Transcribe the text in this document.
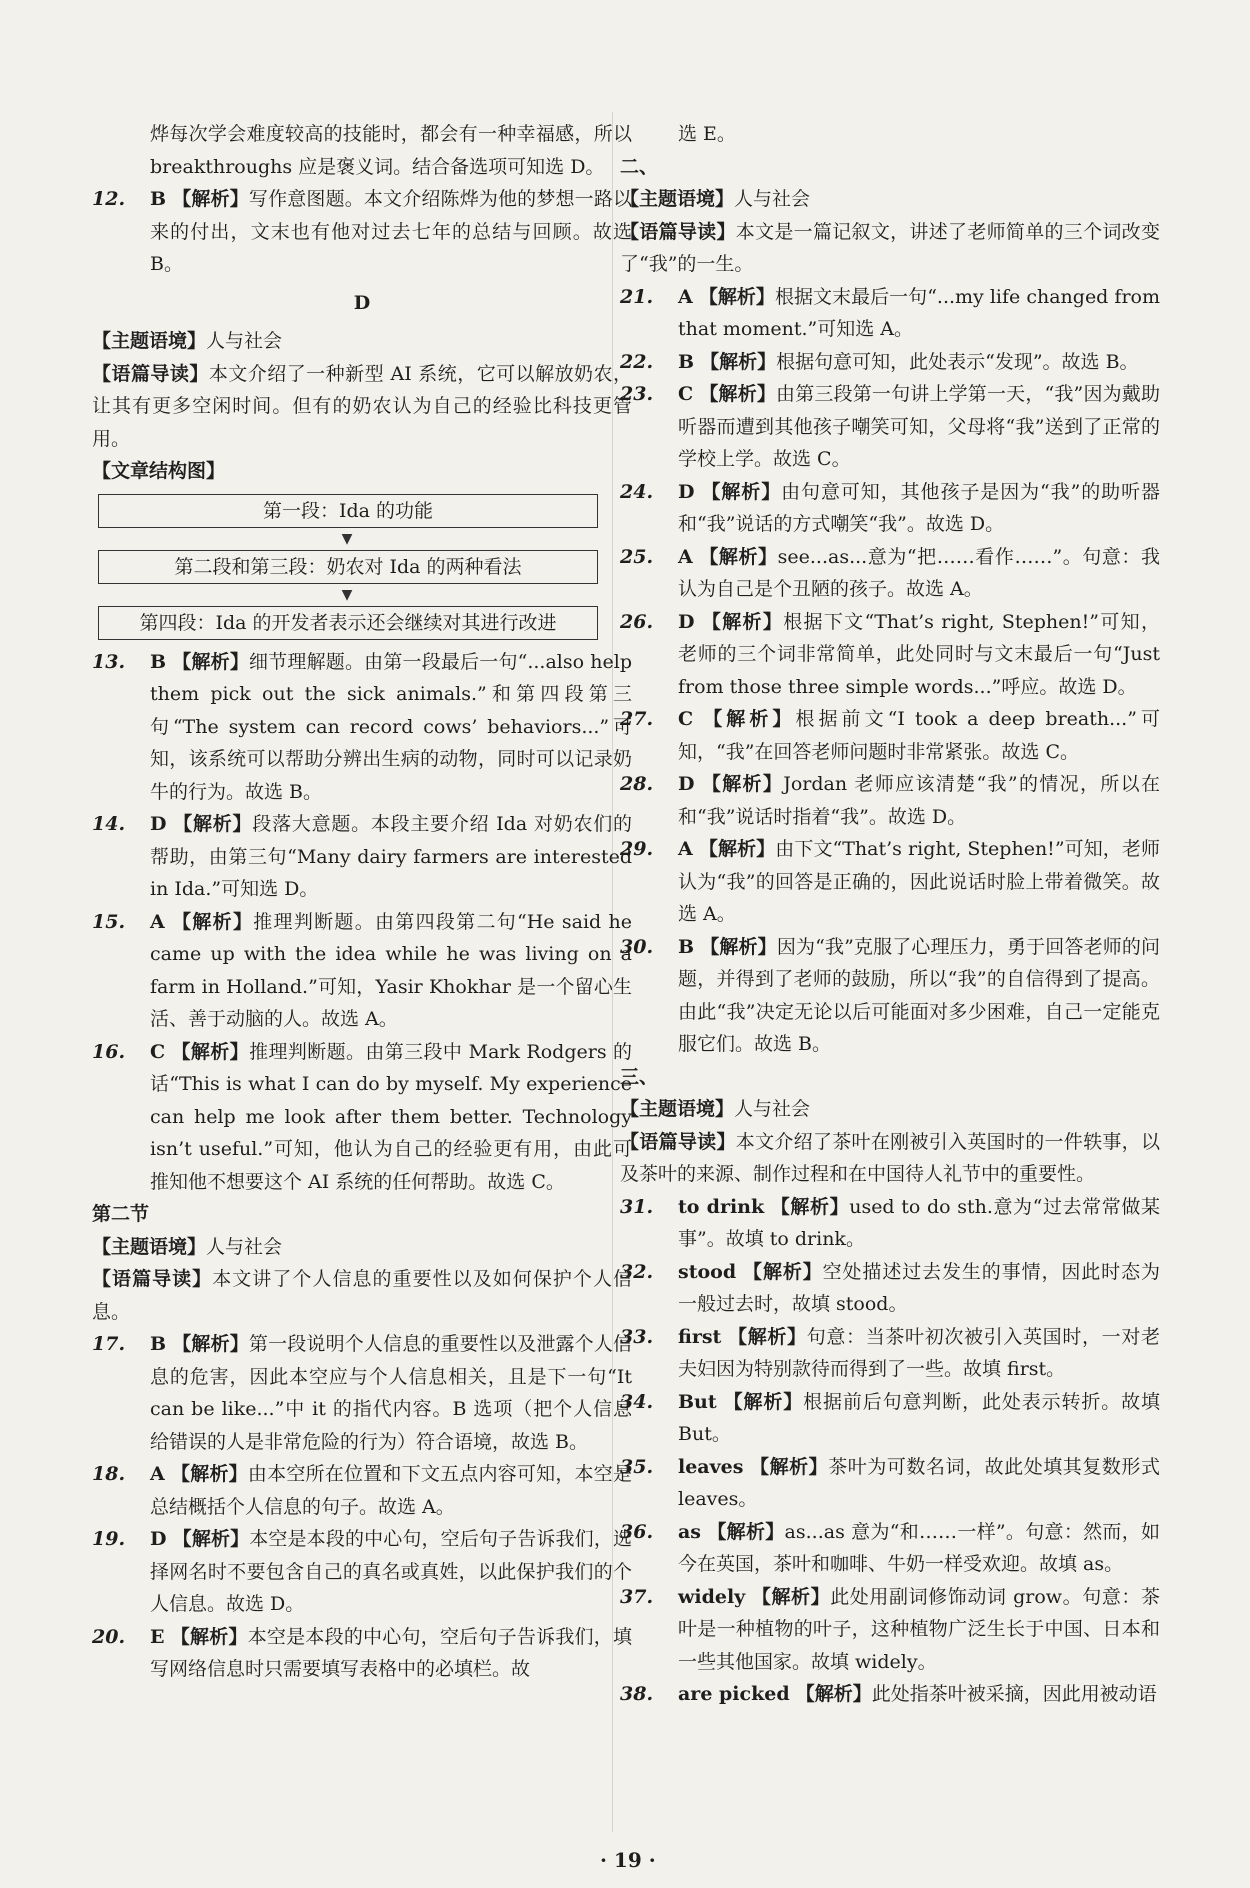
烨每次学会难度较高的技能时，都会有一种幸福感，所以 breakthroughs 应是褒义词。结合备选项可知选 D。

12.	B 【解析】写作意图题。本文介绍陈烨为他的梦想一路以来的付出，文末也有他对过去七年的总结与回顾。故选 B。

D

【主题语境】人与社会

【语篇导读】本文介绍了一种新型 AI 系统，它可以解放奶农，让其有更多空闲时间。但有的奶农认为自己的经验比科技更管用。

【文章结构图】

第一段：Ida 的功能
▼
第二段和第三段：奶农对 Ida 的两种看法
▼
第四段：Ida 的开发者表示还会继续对其进行改进
13.	B 【解析】细节理解题。由第一段最后一句“...also help them pick out the sick animals.”和第四段第三句“The system can record cows’ behaviors...”可知，该系统可以帮助分辨出生病的动物，同时可以记录奶牛的行为。故选 B。
14.	D 【解析】段落大意题。本段主要介绍 Ida 对奶农们的帮助，由第三句“Many dairy farmers are interested in Ida.”可知选 D。
15.	A 【解析】推理判断题。由第四段第二句“He said he came up with the idea while he was living on a farm in Holland.”可知，Yasir Khokhar 是一个留心生活、善于动脑的人。故选 A。
16.	C 【解析】推理判断题。由第三段中 Mark Rodgers 的话“This is what I can do by myself. My experience can help me look after them better. Technology isn’t useful.”可知，他认为自己的经验更有用，由此可推知他不想要这个 AI 系统的任何帮助。故选 C。

第二节

【主题语境】人与社会

【语篇导读】本文讲了个人信息的重要性以及如何保护个人信息。

17.	B 【解析】第一段说明个人信息的重要性以及泄露个人信息的危害，因此本空应与个人信息相关，且是下一句“It can be like...”中 it 的指代内容。B 选项（把个人信息给错误的人是非常危险的行为）符合语境，故选 B。
18.	A 【解析】由本空所在位置和下文五点内容可知，本空是总结概括个人信息的句子。故选 A。
19.	D 【解析】本空是本段的中心句，空后句子告诉我们，选择网名时不要包含自己的真名或真姓，以此保护我们的个人信息。故选 D。
20.	E 【解析】本空是本段的中心句，空后句子告诉我们，填写网络信息时只需要填写表格中的必填栏。故

选 E。

二、

【主题语境】人与社会

【语篇导读】本文是一篇记叙文，讲述了老师简单的三个词改变了“我”的一生。

21.	A 【解析】根据文末最后一句“...my life changed from that moment.”可知选 A。
22.	B 【解析】根据句意可知，此处表示“发现”。故选 B。
23.	C 【解析】由第三段第一句讲上学第一天，“我”因为戴助听器而遭到其他孩子嘲笑可知，父母将“我”送到了正常的学校上学。故选 C。
24.	D 【解析】由句意可知，其他孩子是因为“我”的助听器和“我”说话的方式嘲笑“我”。故选 D。
25.	A 【解析】see...as...意为“把……看作……”。句意：我认为自己是个丑陋的孩子。故选 A。
26.	D 【解析】根据下文“That’s right, Stephen!”可知，老师的三个词非常简单，此处同时与文末最后一句“Just from those three simple words...”呼应。故选 D。
27.	C 【解析】根据前文“I took a deep breath...”可知，“我”在回答老师问题时非常紧张。故选 C。
28.	D 【解析】Jordan 老师应该清楚“我”的情况，所以在和“我”说话时指着“我”。故选 D。
29.	A 【解析】由下文“That’s right, Stephen!”可知，老师认为“我”的回答是正确的，因此说话时脸上带着微笑。故选 A。
30.	B 【解析】因为“我”克服了心理压力，勇于回答老师的问题，并得到了老师的鼓励，所以“我”的自信得到了提高。由此“我”决定无论以后可能面对多少困难，自己一定能克服它们。故选 B。

三、

【主题语境】人与社会

【语篇导读】本文介绍了茶叶在刚被引入英国时的一件轶事，以及茶叶的来源、制作过程和在中国待人礼节中的重要性。

31.	to drink 【解析】used to do sth.意为“过去常常做某事”。故填 to drink。
32.	stood 【解析】空处描述过去发生的事情，因此时态为一般过去时，故填 stood。
33.	first 【解析】句意：当茶叶初次被引入英国时，一对老夫妇因为特别款待而得到了一些。故填 first。
34.	But 【解析】根据前后句意判断，此处表示转折。故填 But。
35.	leaves 【解析】茶叶为可数名词，故此处填其复数形式 leaves。
36.	as 【解析】as...as 意为“和……一样”。句意：然而，如今在英国，茶叶和咖啡、牛奶一样受欢迎。故填 as。
37.	widely 【解析】此处用副词修饰动词 grow。句意：茶叶是一种植物的叶子，这种植物广泛生长于中国、日本和一些其他国家。故填 widely。
38.	are picked 【解析】此处指茶叶被采摘，因此用被动语
· 19 ·
